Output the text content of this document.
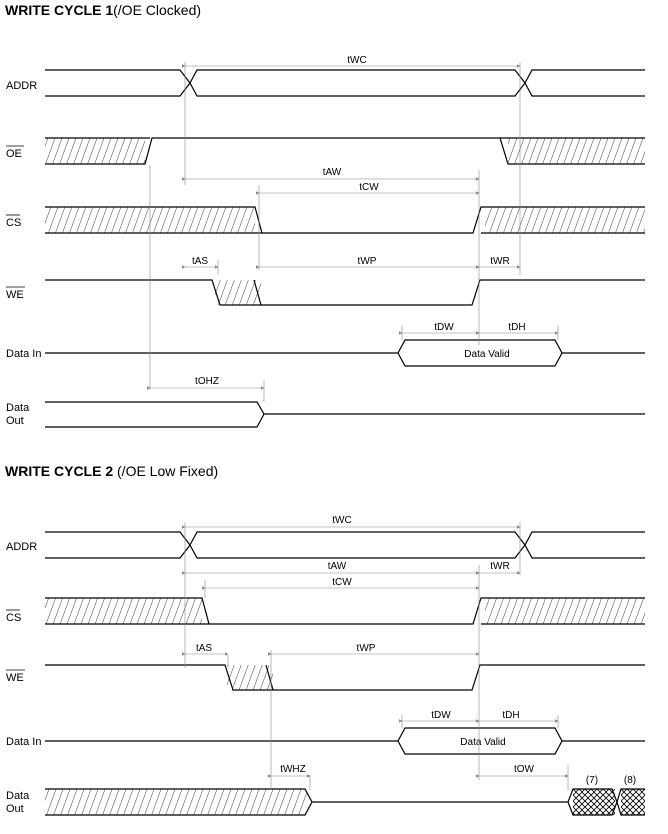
WRITE CYCLE 1(/OE Clocked)

WRITE CYCLE 2 (/OE Low Fixed)

ADDR
OE
CS
WE
Data In
Data
Out
Data Valid
tWC
tAW
tCW
tAS	tWP	tWR
tDW	tDH
tOHZ
ADDR
CS
WE
Data In
Data
Out
Data Valid
(7)	(8)
tWC
tAW	tWR
tCW
tAS	tWP
tDW	tDH
tWHZ	tOW
